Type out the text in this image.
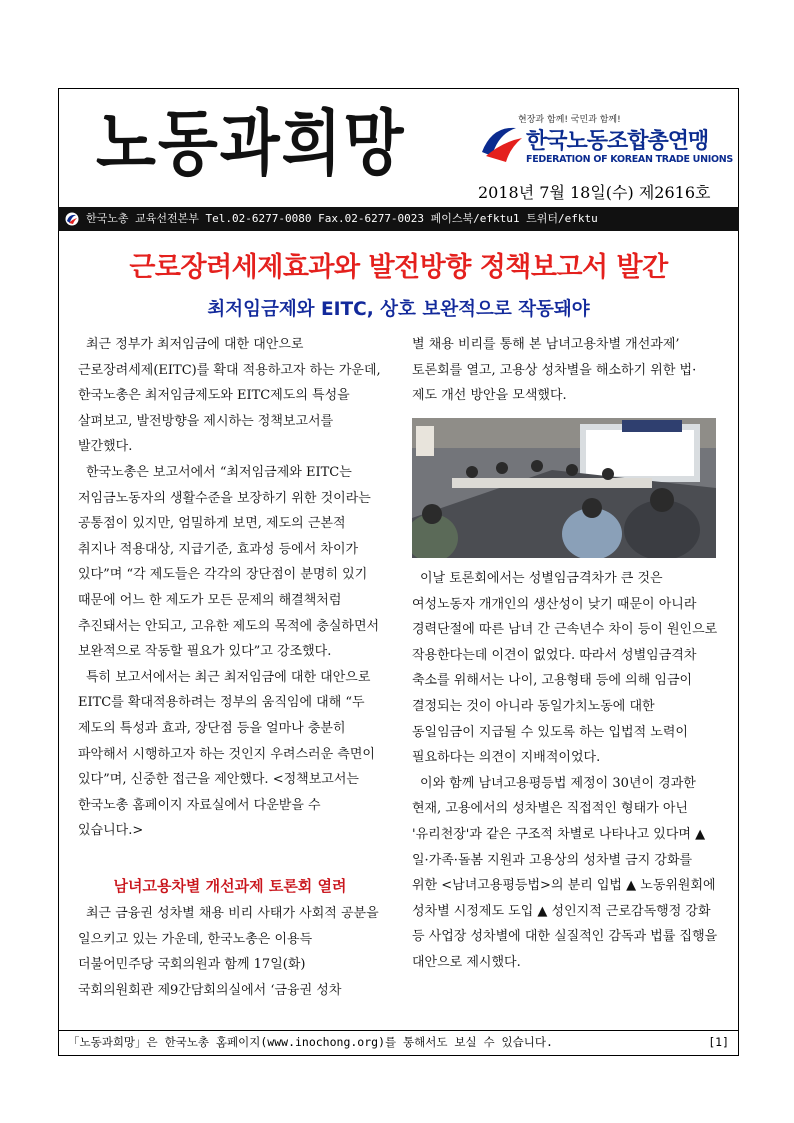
노동과희망	현장과 함께! 국민과 함께!
한국노동조합총연맹
FEDERATION OF KOREAN TRADE UNIONS
2018년 7월 18일(수) 제2616호
한국노총 교육선전본부 Tel.02-6277-0080 Fax.02-6277-0023 페이스북/efktu1 트위터/efktu
근로장려세제효과와 발전방향 정책보고서 발간
최저임금제와 EITC, 상호 보완적으로 작동돼야

최근 정부가 최저임금에 대한 대안으로 근로장려세제(EITC)를 확대 적용하고자 하는 가운데, 한국노총은 최저임금제도와 EITC제도의 특성을 살펴보고, 발전방향을 제시하는 정책보고서를 발간했다.

한국노총은 보고서에서 “최저임금제와 EITC는 저임금노동자의 생활수준을 보장하기 위한 것이라는 공통점이 있지만, 엄밀하게 보면, 제도의 근본적 취지나 적용대상, 지급기준, 효과성 등에서 차이가 있다”며 “각 제도들은 각각의 장단점이 분명히 있기 때문에 어느 한 제도가 모든 문제의 해결책처럼 추진돼서는 안되고, 고유한 제도의 목적에 충실하면서 보완적으로 작동할 필요가 있다”고 강조했다.

특히 보고서에서는 최근 최저임금에 대한 대안으로 EITC를 확대적용하려는 정부의 움직임에 대해 “두 제도의 특성과 효과, 장단점 등을 얼마나 충분히 파악해서 시행하고자 하는 것인지 우려스러운 측면이 있다”며, 신중한 접근을 제안했다. <정책보고서는 한국노총 홈페이지 자료실에서 다운받을 수 있습니다.>

남녀고용차별 개선과제 토론회 열려

최근 금융권 성차별 채용 비리 사태가 사회적 공분을 일으키고 있는 가운데, 한국노총은 이용득 더불어민주당 국회의원과 함께 17일(화) 국회의원회관 제9간담회의실에서 ‘금융권 성차

별 채용 비리를 통해 본 남녀고용차별 개선과제’ 토론회를 열고, 고용상 성차별을 해소하기 위한 법·제도 개선 방안을 모색했다.

이날 토론회에서는 성별임금격차가 큰 것은 여성노동자 개개인의 생산성이 낮기 때문이 아니라 경력단절에 따른 남녀 간 근속년수 차이 등이 원인으로 작용한다는데 이견이 없었다. 따라서 성별임금격차 축소를 위해서는 나이, 고용형태 등에 의해 임금이 결정되는 것이 아니라 동일가치노동에 대한 동일임금이 지급될 수 있도록 하는 입법적 노력이 필요하다는 의견이 지배적이었다.

이와 함께 남녀고용평등법 제정이 30년이 경과한 현재, 고용에서의 성차별은 직접적인 형태가 아닌 '유리천장'과 같은 구조적 차별로 나타나고 있다며 ▲ 일·가족·돌봄 지원과 고용상의 성차별 금지 강화를 위한 <남녀고용평등법>의 분리 입법 ▲ 노동위원회에 성차별 시정제도 도입 ▲ 성인지적 근로감독행정 강화 등 사업장 성차별에 대한 실질적인 감독과 법률 집행을 대안으로 제시했다.

「노동과희망」은 한국노총 홈페이지(www.inochong.org)를 통해서도 보실 수 있습니다.	[1]
